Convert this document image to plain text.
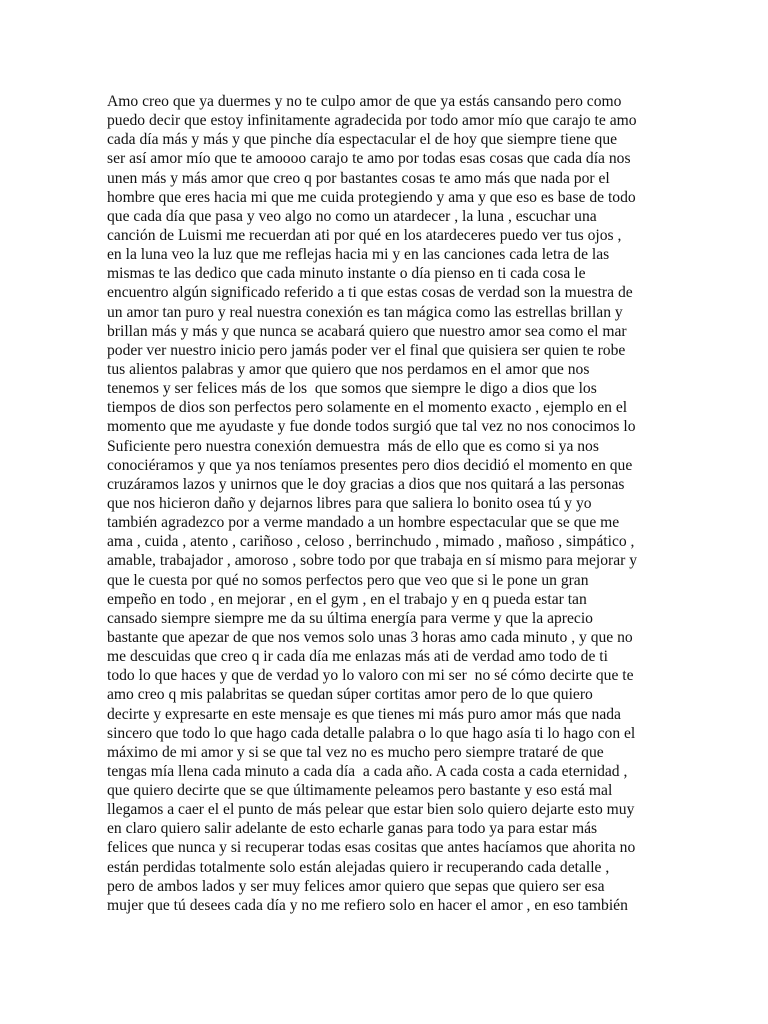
Amo creo que ya duermes y no te culpo amor de que ya estás cansando pero como
puedo decir que estoy infinitamente agradecida por todo amor mío que carajo te amo
cada día más y más y que pinche día espectacular el de hoy que siempre tiene que
ser así amor mío que te amoooo carajo te amo por todas esas cosas que cada día nos
unen más y más amor que creo q por bastantes cosas te amo más que nada por el
hombre que eres hacia mi que me cuida protegiendo y ama y que eso es base de todo
que cada día que pasa y veo algo no como un atardecer , la luna , escuchar una
canción de Luismi me recuerdan ati por qué en los atardeceres puedo ver tus ojos ,
en la luna veo la luz que me reflejas hacia mi y en las canciones cada letra de las
mismas te las dedico que cada minuto instante o día pienso en ti cada cosa le
encuentro algún significado referido a ti que estas cosas de verdad son la muestra de
un amor tan puro y real nuestra conexión es tan mágica como las estrellas brillan y
brillan más y más y que nunca se acabará quiero que nuestro amor sea como el mar
poder ver nuestro inicio pero jamás poder ver el final que quisiera ser quien te robe
tus alientos palabras y amor que quiero que nos perdamos en el amor que nos
tenemos y ser felices más de los  que somos que siempre le digo a dios que los
tiempos de dios son perfectos pero solamente en el momento exacto , ejemplo en el
momento que me ayudaste y fue donde todos surgió que tal vez no nos conocimos lo
Suficiente pero nuestra conexión demuestra  más de ello que es como si ya nos
conociéramos y que ya nos teníamos presentes pero dios decidió el momento en que
cruzáramos lazos y unirnos que le doy gracias a dios que nos quitará a las personas
que nos hicieron daño y dejarnos libres para que saliera lo bonito osea tú y yo
también agradezco por a verme mandado a un hombre espectacular que se que me
ama , cuida , atento , cariñoso , celoso , berrinchudo , mimado , mañoso , simpático ,
amable, trabajador , amoroso , sobre todo por que trabaja en sí mismo para mejorar y
que le cuesta por qué no somos perfectos pero que veo que si le pone un gran
empeño en todo , en mejorar , en el gym , en el trabajo y en q pueda estar tan
cansado siempre siempre me da su última energía para verme y que la aprecio
bastante que apezar de que nos vemos solo unas 3 horas amo cada minuto , y que no
me descuidas que creo q ir cada día me enlazas más ati de verdad amo todo de ti
todo lo que haces y que de verdad yo lo valoro con mi ser  no sé cómo decirte que te
amo creo q mis palabritas se quedan súper cortitas amor pero de lo que quiero
decirte y expresarte en este mensaje es que tienes mi más puro amor más que nada
sincero que todo lo que hago cada detalle palabra o lo que hago asía ti lo hago con el
máximo de mi amor y si se que tal vez no es mucho pero siempre trataré de que
tengas mía llena cada minuto a cada día  a cada año. A cada costa a cada eternidad ,
que quiero decirte que se que últimamente peleamos pero bastante y eso está mal
llegamos a caer el el punto de más pelear que estar bien solo quiero dejarte esto muy
en claro quiero salir adelante de esto echarle ganas para todo ya para estar más
felices que nunca y si recuperar todas esas cositas que antes hacíamos que ahorita no
están perdidas totalmente solo están alejadas quiero ir recuperando cada detalle ,
pero de ambos lados y ser muy felices amor quiero que sepas que quiero ser esa
mujer que tú desees cada día y no me refiero solo en hacer el amor , en eso también
